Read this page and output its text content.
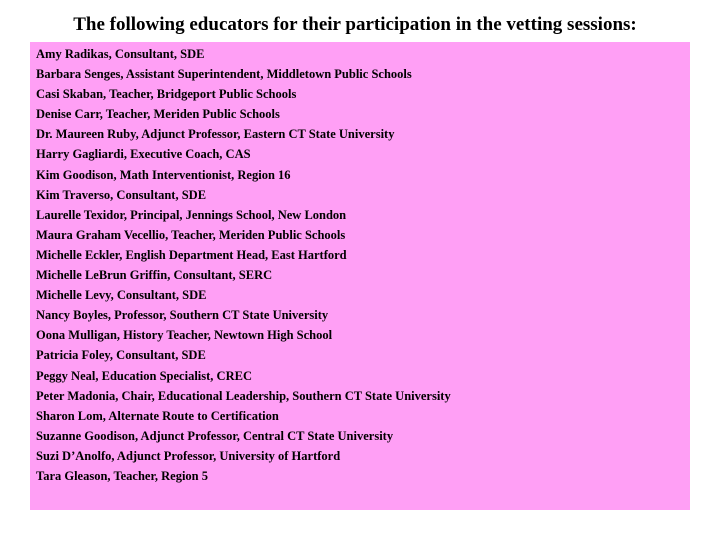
The following educators for their participation in the vetting sessions:
Amy Radikas, Consultant, SDE
Barbara Senges, Assistant Superintendent, Middletown Public Schools
Casi Skaban, Teacher, Bridgeport Public Schools
Denise Carr, Teacher, Meriden Public Schools
Dr. Maureen Ruby, Adjunct Professor, Eastern CT State University
Harry Gagliardi, Executive Coach, CAS
Kim Goodison, Math Interventionist, Region 16
Kim Traverso, Consultant, SDE
Laurelle Texidor, Principal, Jennings School, New London
Maura Graham Vecellio, Teacher, Meriden Public Schools
Michelle Eckler, English Department Head, East Hartford
Michelle LeBrun Griffin, Consultant, SERC
Michelle Levy, Consultant, SDE
Nancy Boyles, Professor, Southern CT State University
Oona Mulligan, History Teacher, Newtown High School
Patricia Foley, Consultant, SDE
Peggy Neal, Education Specialist, CREC
Peter Madonia, Chair, Educational Leadership, Southern CT State University
Sharon Lom, Alternate Route to Certification
Suzanne Goodison, Adjunct Professor, Central CT State University
Suzi D’Anolfo, Adjunct Professor, University of Hartford
Tara Gleason, Teacher, Region 5
